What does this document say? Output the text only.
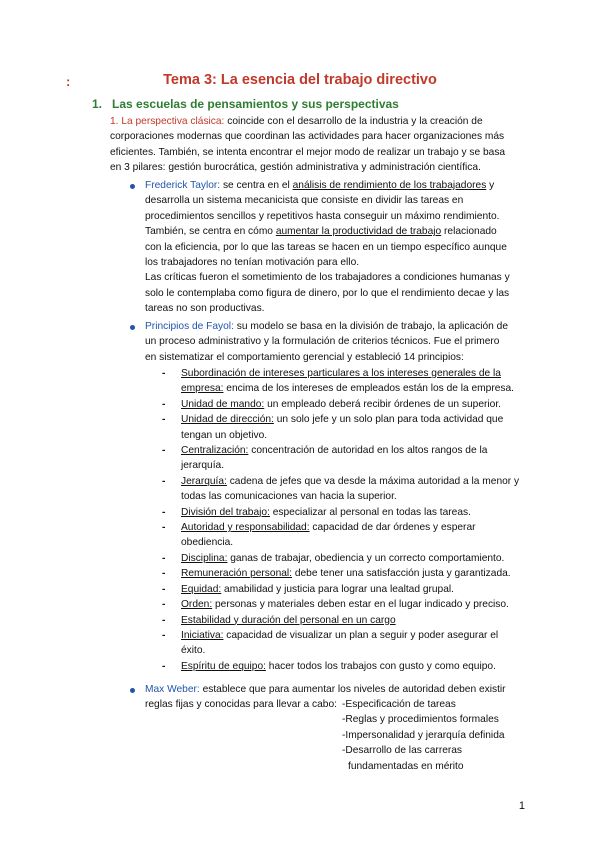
:	Tema 3: La esencia del trabajo directivo
1. Las escuelas de pensamientos y sus perspectivas
1. La perspectiva clásica: coincide con el desarrollo de la industria y la creación de
corporaciones modernas que coordinan las actividades para hacer organizaciones más
eficientes. También, se intenta encontrar el mejor modo de realizar un trabajo y se basa
en 3 pilares: gestión burocrática, gestión administrativa y administración científica.
Frederick Taylor: se centra en el análisis de rendimiento de los trabajadores y
desarrolla un sistema mecanicista que consiste en dividir las tareas en
procedimientos sencillos y repetitivos hasta conseguir un máximo rendimiento.
También, se centra en cómo aumentar la productividad de trabajo relacionado
con la eficiencia, por lo que las tareas se hacen en un tiempo específico aunque
los trabajadores no tenían motivación para ello.
Las críticas fueron el sometimiento de los trabajadores a condiciones humanas y
solo le contemplaba como figura de dinero, por lo que el rendimiento decae y las
tareas no son productivas.
Principios de Fayol: su modelo se basa en la división de trabajo, la aplicación de
un proceso administrativo y la formulación de criterios técnicos. Fue el primero
en sistematizar el comportamiento gerencial y estableció 14 principios:
- Subordinación de intereses particulares a los intereses generales de la
empresa: encima de los intereses de empleados están los de la empresa.
- Unidad de mando: un empleado deberá recibir órdenes de un superior.
- Unidad de dirección: un solo jefe y un solo plan para toda actividad que
tengan un objetivo.
- Centralización: concentración de autoridad en los altos rangos de la
jerarquía.
- Jerarquía: cadena de jefes que va desde la máxima autoridad a la menor y
todas las comunicaciones van hacia la superior.
- División del trabajo: especializar al personal en todas las tareas.
- Autoridad y responsabilidad: capacidad de dar órdenes y esperar
obediencia.
- Disciplina: ganas de trabajar, obediencia y un correcto comportamiento.
- Remuneración personal: debe tener una satisfacción justa y garantizada.
- Equidad: amabilidad y justicia para lograr una lealtad grupal.
- Orden: personas y materiales deben estar en el lugar indicado y preciso.
- Estabilidad y duración del personal en un cargo
- Iniciativa: capacidad de visualizar un plan a seguir y poder asegurar el
éxito.
- Espíritu de equipo: hacer todos los trabajos con gusto y como equipo.
Max Weber: establece que para aumentar los niveles de autoridad deben existir
reglas fijas y conocidas para llevar a cabo: -Especificación de tareas
-Reglas y procedimientos formales
-Impersonalidad y jerarquía definida
-Desarrollo de las carreras
fundamentadas en mérito
1
